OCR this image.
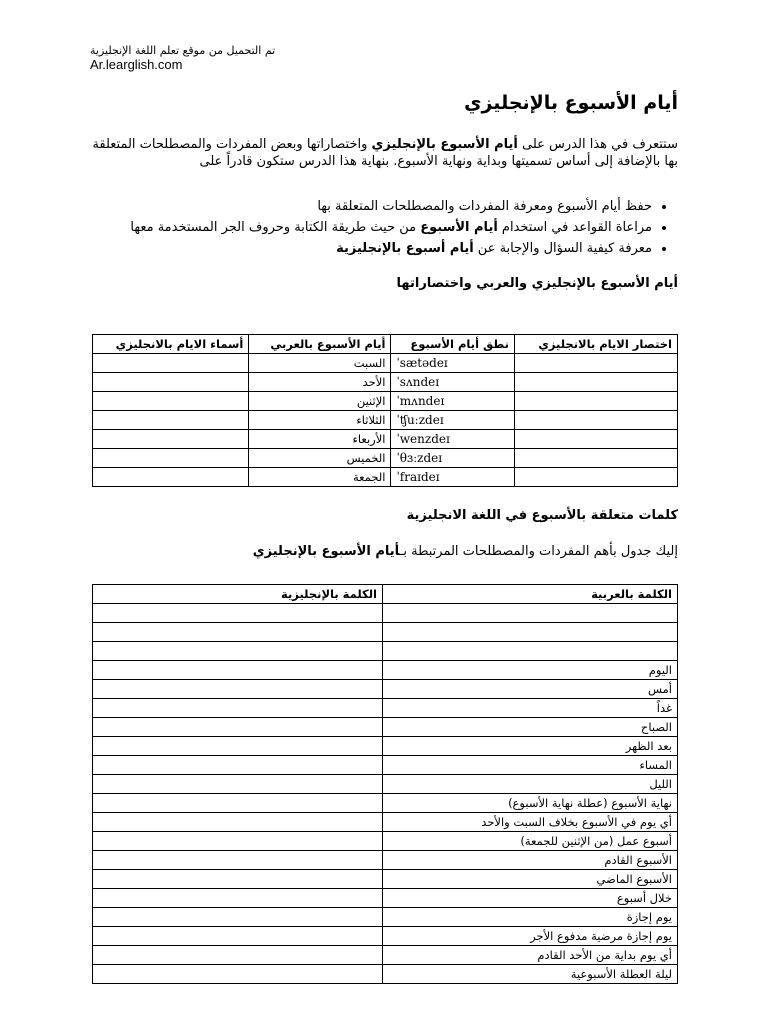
تم التحميل من موقع تعلم اللغة الإنجليزية
Ar.learglish.com
أيام الأسبوع بالإنجليزي

ستتعرف في هذا الدرس على أيام الأسبوع بالإنجليزي واختصاراتها وبعض المفردات والمصطلحات المتعلقة بها بالإضافة إلى أساس تسميتها وبداية ونهاية الأسبوع. بنهاية هذا الدرس ستكون قادراً على

• حفظ أيام الأسبوع ومعرفة المفردات والمصطلحات المتعلقة بها
• مراعاة القواعد في استخدام أيام الأسبوع من حيث طريقة الكتابة وحروف الجر المستخدمة معها
• معرفة كيفية السؤال والإجابة عن أيام أسبوع بالإنجليزية
أيام الأسبوع بالإنجليزي والعربي واختصاراتها
اختصار الايام بالانجليزي	نطق أيام الأسبوع	أيام الأسبوع بالعربي	أسماء الايام بالانجليزي
	ˈsætədeɪ	السبت	
	ˈsʌndeɪ	الأحد	
	ˈmʌndeɪ	الإثنين	
	ˈʧuːzdeɪ	الثلاثاء	
	ˈwenzdeɪ	الأربعاء	
	ˈθɜːzdeɪ	الخميس	
	ˈfraɪdeɪ	الجمعة	
كلمات متعلقة بالأسبوع في اللغة الانجليزية

إليك جدول بأهم المفردات والمصطلحات المرتبطة بـأيام الأسبوع بالإنجليزي

الكلمة بالعربية	الكلمة بالإنجليزية

اليوم	
أمس	
غداً	
الصباح	
بعد الظهر	
المساء	
الليل	
نهاية الأسبوع (عطلة نهاية الأسبوع)	
أي يوم في الأسبوع بخلاف السبت والأحد	
أسبوع عمل (من الإثنين للجمعة)	
الأسبوع القادم	
الأسبوع الماضي	
خلال أسبوع	
يوم إجازة	
يوم إجازة مرضية مدفوع الأجر	
أي يوم بداية من الأحد القادم	
ليلة العطلة الأسبوعية	
